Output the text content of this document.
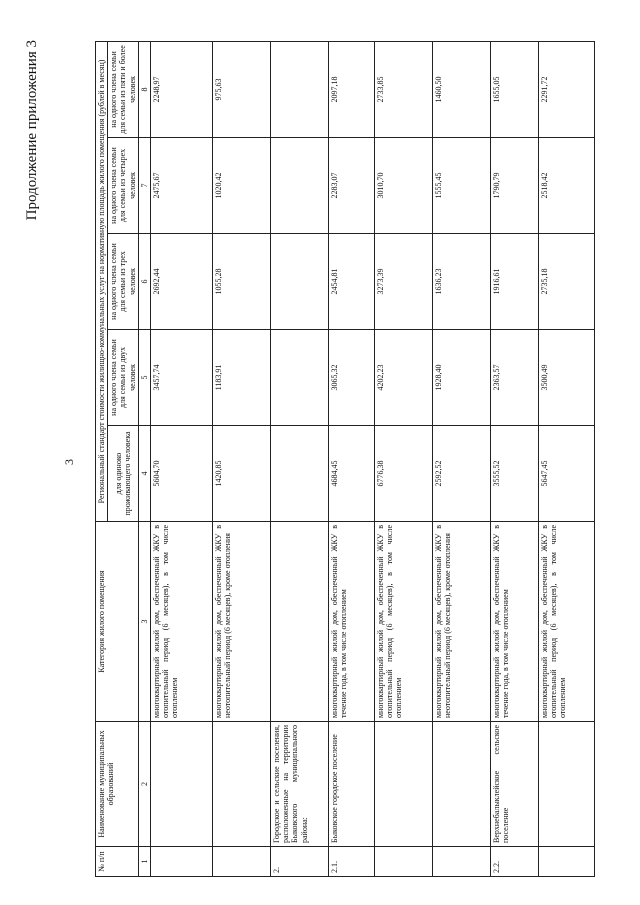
3
Продолжение приложения 3
№ п/п	Наименование муниципальных образований	Категория жилого помещения	Региональный стандарт стоимости жилищно-коммунальных услуг на нормативную площадь жилого помещения (рублей в месяц)				
			для одиноко проживающего человека	на одного члена семьи для семьи из двух человек	на одного члена семьи для семьи из трех человек	на одного члена семьи для семьи из четырех человек	на одного члена семьи для семьи из пяти и более человек
1	2	3	4	5	6	7	8
		многоквартирный жилой дом, обеспеченный ЖКУ в отопительный период (6 месяцев), в том числе отоплением	5604,70	3457,74	2692,44	2475,67	2248,97
		многоквартирный жилой дом, обеспеченный ЖКУ в неотопительный период (6 месяцев), кроме отопления	1420,85	1183,91	1055,28	1020,42	975,63
2.	Городское и сельские поселения, расположенные на территории Быковского муниципального района:						
2.1.	Быковское городское поселение	многоквартирный жилой дом, обеспеченный ЖКУ в течение года, в том числе отоплением	4684,45	3065,32	2454,81	2283,07	2097,18
		многоквартирный жилой дом, обеспеченный ЖКУ в отопительный период (6 месяцев), в том числе отоплением	6776,38	4202,23	3273,39	3010,70	2733,85
		многоквартирный жилой дом, обеспеченный ЖКУ в неотопительный период (6 месяцев), кроме отопления	2592,52	1928,40	1636,23	1555,45	1460,50
2.2.	Верхнебалыклейское сельское поселение	многоквартирный жилой дом, обеспеченный ЖКУ в течение года, в том числе отоплением	3555,52	2363,57	1916,61	1790,79	1655,05
		многоквартирный жилой дом, обеспеченный ЖКУ в отопительный период (6 месяцев), в том числе отоплением	5647,45	3500,49	2735,18	2518,42	2291,72
